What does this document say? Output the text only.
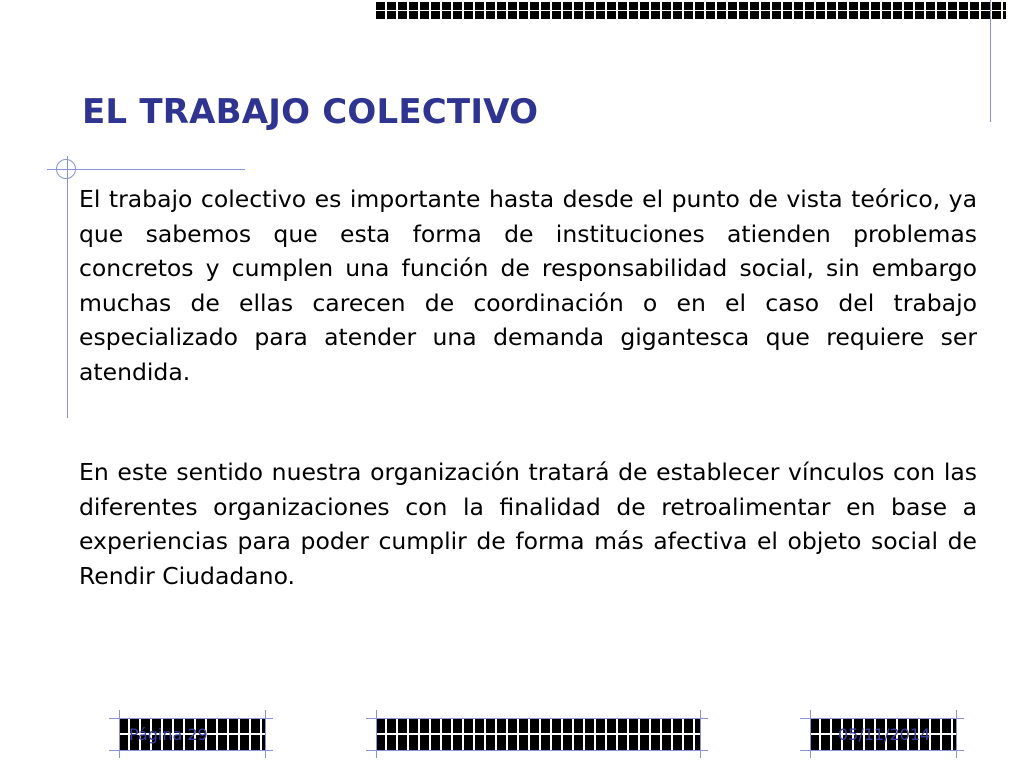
EL TRABAJO COLECTIVO

El trabajo colectivo es importante hasta desde el punto de vista teórico, ya que sabemos que esta forma de instituciones atienden problemas concretos y cumplen una función de responsabilidad social, sin embargo muchas de ellas carecen de coordinación o en el caso del trabajo especializado para atender una demanda gigantesca que requiere ser atendida.

En este sentido nuestra organización tratará de establecer vínculos con las diferentes organizaciones con la finalidad de retroalimentar en base a experiencias para poder cumplir de forma más afectiva el objeto social de Rendir Ciudadano.

Página 29	05/11/2014
